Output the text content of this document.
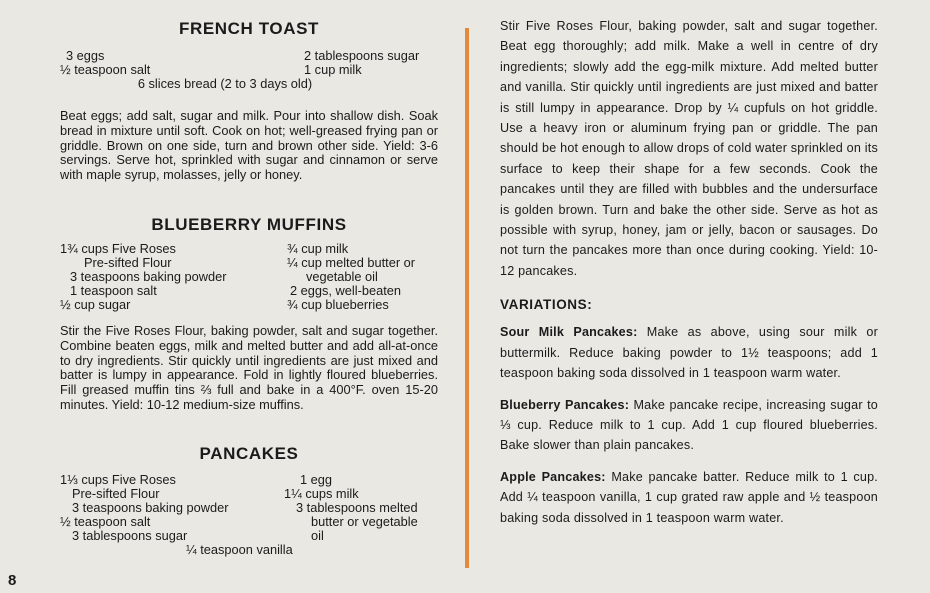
FRENCH TOAST
3 eggs
½ teaspoon salt
2 tablespoons sugar
1 cup milk
6 slices bread (2 to 3 days old)

Beat eggs; add salt, sugar and milk. Pour into shallow dish. Soak bread in mixture until soft. Cook on hot; well-greased frying pan or griddle. Brown on one side, turn and brown other side. Yield: 3-6 servings. Serve hot, sprinkled with sugar and cinnamon or serve with maple syrup, molasses, jelly or honey.

BLUEBERRY MUFFINS
1¾ cups Five Roses
Pre-sifted Flour
3 teaspoons baking powder
1 teaspoon salt
½ cup sugar
¾ cup milk
¼ cup melted butter or
vegetable oil
2 eggs, well-beaten
¾ cup blueberries

Stir the Five Roses Flour, baking powder, salt and sugar together. Combine beaten eggs, milk and melted butter and add all-at-once to dry ingredients. Stir quickly until ingredients are just mixed and batter is lumpy in appearance. Fold in lightly floured blueberries. Fill greased muffin tins ⅔ full and bake in a 400°F. oven 15-20 minutes. Yield: 10-12 medium-size muffins.

PANCAKES
1⅓ cups Five Roses
Pre-sifted Flour
3 teaspoons baking powder
½ teaspoon salt
3 tablespoons sugar
1 egg
1¼ cups milk
3 tablespoons melted
butter or vegetable
oil
¼ teaspoon vanilla

Stir Five Roses Flour, baking powder, salt and sugar together. Beat egg thoroughly; add milk. Make a well in centre of dry ingredients; slowly add the egg-milk mixture. Add melted butter and vanilla. Stir quickly until ingredients are just mixed and batter is still lumpy in appearance. Drop by ¼ cupfuls on hot griddle. Use a heavy iron or aluminum frying pan or griddle. The pan should be hot enough to allow drops of cold water sprinkled on its surface to keep their shape for a few seconds. Cook the pancakes until they are filled with bubbles and the undersurface is golden brown. Turn and bake the other side. Serve as hot as possible with syrup, honey, jam or jelly, bacon or sausages. Do not turn the pancakes more than once during cooking. Yield: 10-12 pancakes.

VARIATIONS:

Sour Milk Pancakes: Make as above, using sour milk or buttermilk. Reduce baking powder to 1½ teaspoons; add 1 teaspoon baking soda dissolved in 1 teaspoon warm water.

Blueberry Pancakes: Make pancake recipe, increasing sugar to ⅓ cup. Reduce milk to 1 cup. Add 1 cup floured blueberries. Bake slower than plain pancakes.

Apple Pancakes: Make pancake batter. Reduce milk to 1 cup. Add ¼ teaspoon vanilla, 1 cup grated raw apple and ½ teaspoon baking soda dissolved in 1 teaspoon warm water.

8
